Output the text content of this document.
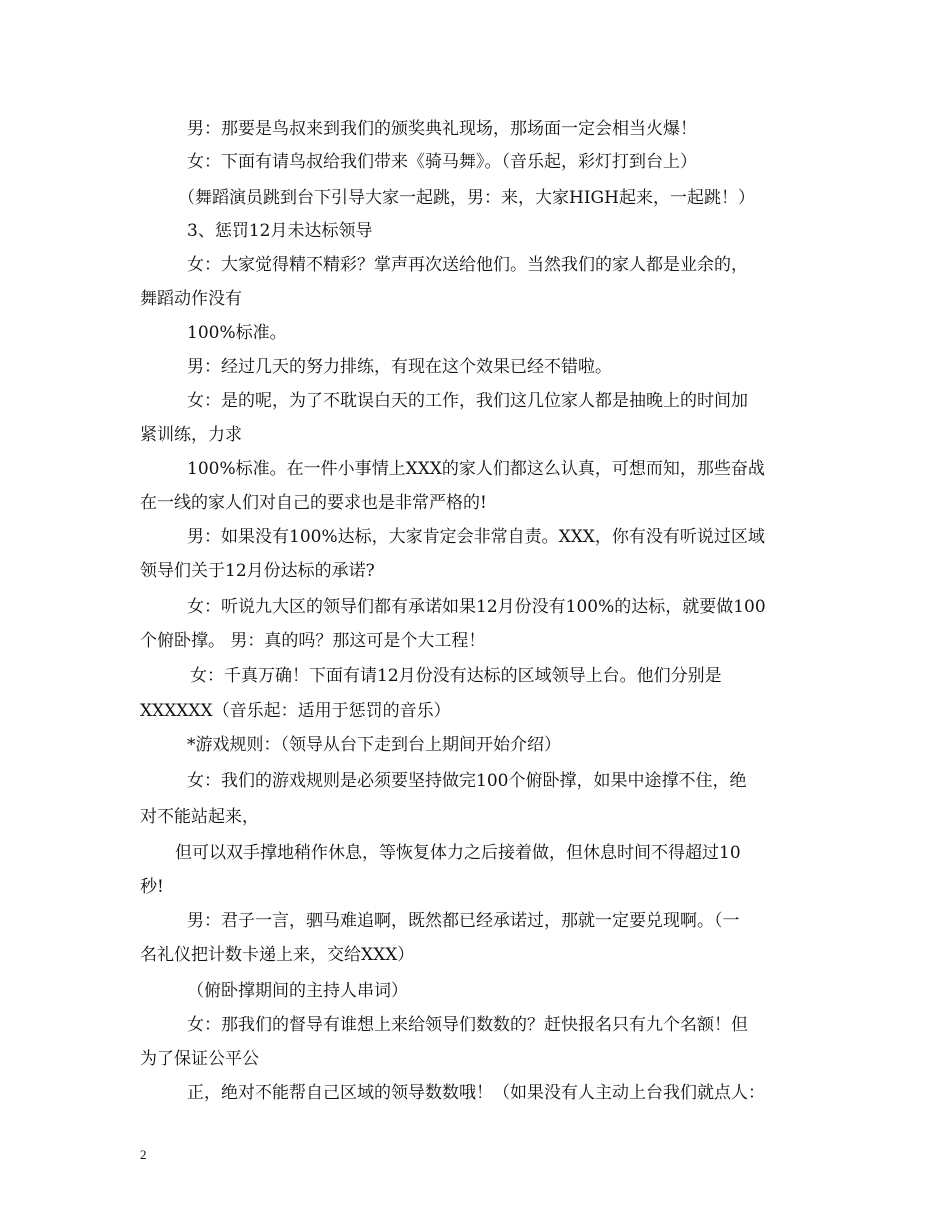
男：那要是鸟叔来到我们的颁奖典礼现场，那场面一定会相当火爆！
女：下面有请鸟叔给我们带来《骑马舞》。（音乐起，彩灯打到台上）
（舞蹈演员跳到台下引导大家一起跳，男：来，大家HIGH起来，一起跳！）
3、惩罚12月未达标领导
女：大家觉得精不精彩？掌声再次送给他们。当然我们的家人都是业余的，
舞蹈动作没有
100%标准。
男：经过几天的努力排练，有现在这个效果已经不错啦。
女：是的呢，为了不耽误白天的工作，我们这几位家人都是抽晚上的时间加
紧训练，力求
100%标准。在一件小事情上XXX的家人们都这么认真，可想而知，那些奋战
在一线的家人们对自己的要求也是非常严格的!
男：如果没有100%达标，大家肯定会非常自责。XXX，你有没有听说过区域
领导们关于12月份达标的承诺?
女：听说九大区的领导们都有承诺如果12月份没有100%的达标，就要做100
个俯卧撑。 男：真的吗？那这可是个大工程！
女：千真万确！下面有请12月份没有达标的区域领导上台。他们分别是
XXXXXX（音乐起：适用于惩罚的音乐）
*游戏规则：（领导从台下走到台上期间开始介绍）
女：我们的游戏规则是必须要坚持做完100个俯卧撑，如果中途撑不住，绝
对不能站起来，
但可以双手撑地稍作休息，等恢复体力之后接着做，但休息时间不得超过10
秒!
男：君子一言，驷马难追啊，既然都已经承诺过，那就一定要兑现啊。（一
名礼仪把计数卡递上来，交给XXX）
（俯卧撑期间的主持人串词）
女：那我们的督导有谁想上来给领导们数数的？赶快报名只有九个名额！但
为了保证公平公
正，绝对不能帮自己区域的领导数数哦！（如果没有人主动上台我们就点人：
2
